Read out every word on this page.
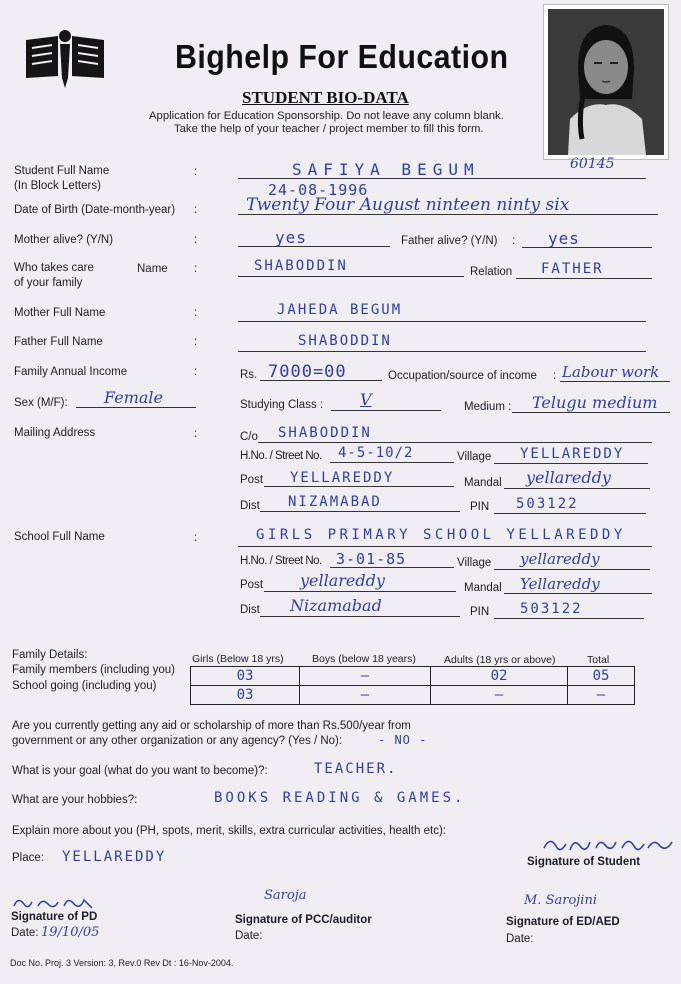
Bighelp For Education
STUDENT BIO-DATA
Application for Education Sponsorship. Do not leave any column blank.
Take the help of your teacher / project member to fill this form.
60145
Student Full Name
(In Block Letters)
:	SAFIYA BEGUM
Date of Birth (Date-month-year) :
24-08-1996
Twenty Four August ninteen ninty six
Mother alive? (Y/N)	:	yes	Father alive? (Y/N) : yes
Who takes care
of your family
Name :	SHABODDIN	Relation FATHER
Mother Full Name	:	JAHEDA BEGUM
Father Full Name	:	SHABODDIN
Family Annual Income	:	Rs. 7000=00	Occupation/source of income : Labour work
Sex (M/F): Female	Studying Class : V	Medium : Telugu medium
Mailing Address	:	C/o SHABODDIN
H.No. / Street No. 4-5-10/2	Village YELLAREDDY
Post YELLAREDDY	Mandal yellareddy
Dist NIZAMABAD	PIN 503122
School Full Name	:	GIRLS PRIMARY SCHOOL YELLAREDDY
H.No. / Street No. 3-01-85	Village yellareddy
Post yellareddy	Mandal Yellareddy
Dist Nizamabad	PIN 503122
Family Details:
Family members (including you)
School going (including you)
Girls (Below 18 yrs)	Boys (below 18 years)	Adults (18 yrs or above)	Total
03	—	02	05
03	–	–	–
Are you currently getting any aid or scholarship of more than Rs.500/year from
government or any other organization or any agency? (Yes / No):	- NO -
What is your goal (what do you want to become)?:	TEACHER.
What are your hobbies?:	BOOKS READING & GAMES.
Explain more about you (PH, spots, merit, skills, extra curricular activities, health etc):
Place: YELLAREDDY	Signature of Student
Signature of PD
Date: 19/10/05
Saroja
Signature of PCC/auditor
Date:
M. Sarojini
Signature of ED/AED
Date:
Doc No. Proj. 3 Version: 3, Rev.0 Rev Dt : 16-Nov-2004.
